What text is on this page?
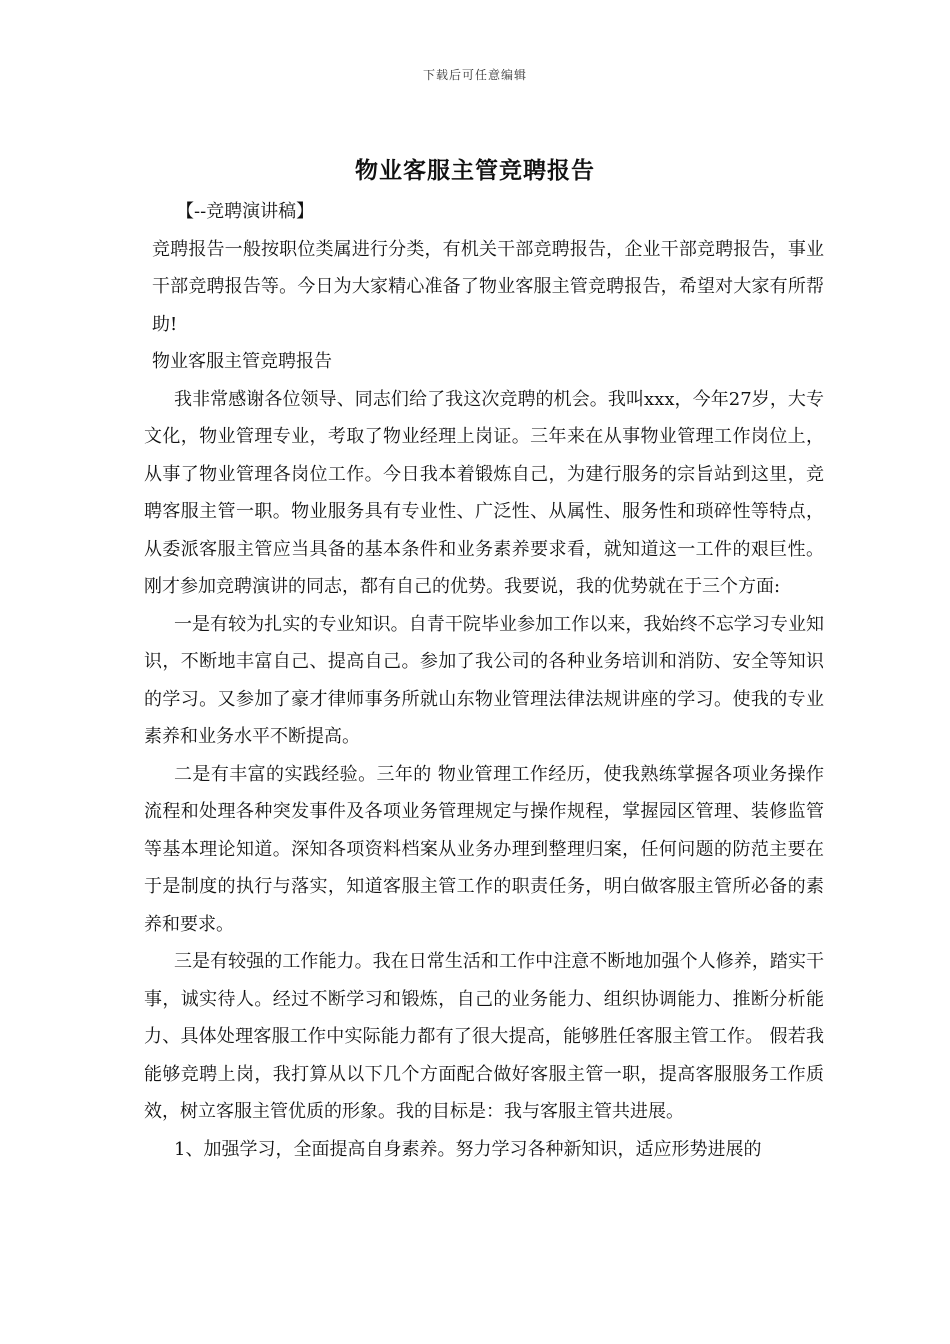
下载后可任意编辑
物业客服主管竞聘报告

【--竞聘演讲稿】

竞聘报告一般按职位类属进行分类，有机关干部竞聘报告，企业干部竞聘报告，事业干部竞聘报告等。今日为大家精心准备了物业客服主管竞聘报告，希望对大家有所帮助!

物业客服主管竞聘报告

我非常感谢各位领导、同志们给了我这次竞聘的机会。我叫xxx，今年27岁，大专文化，物业管理专业，考取了物业经理上岗证。三年来在从事物业管理工作岗位上，从事了物业管理各岗位工作。今日我本着锻炼自己，为建行服务的宗旨站到这里，竞聘客服主管一职。物业服务具有专业性、广泛性、从属性、服务性和琐碎性等特点，从委派客服主管应当具备的基本条件和业务素养要求看，就知道这一工件的艰巨性。刚才参加竞聘演讲的同志，都有自己的优势。我要说，我的优势就在于三个方面:

一是有较为扎实的专业知识。自青干院毕业参加工作以来，我始终不忘学习专业知识，不断地丰富自己、提高自己。参加了我公司的各种业务培训和消防、安全等知识的学习。又参加了豪才律师事务所就山东物业管理法律法规讲座的学习。使我的专业素养和业务水平不断提高。

二是有丰富的实践经验。三年的 物业管理工作经历，使我熟练掌握各项业务操作流程和处理各种突发事件及各项业务管理规定与操作规程，掌握园区管理、装修监管等基本理论知道。深知各项资料档案从业务办理到整理归案，任何问题的防范主要在于是制度的执行与落实，知道客服主管工作的职责任务，明白做客服主管所必备的素养和要求。

三是有较强的工作能力。我在日常生活和工作中注意不断地加强个人修养，踏实干事，诚实待人。经过不断学习和锻炼，自己的业务能力、组织协调能力、推断分析能力、具体处理客服工作中实际能力都有了很大提高，能够胜任客服主管工作。 假若我能够竞聘上岗，我打算从以下几个方面配合做好客服主管一职，提高客服服务工作质效，树立客服主管优质的形象。我的目标是：我与客服主管共进展。

1、加强学习，全面提高自身素养。努力学习各种新知识，适应形势进展的
